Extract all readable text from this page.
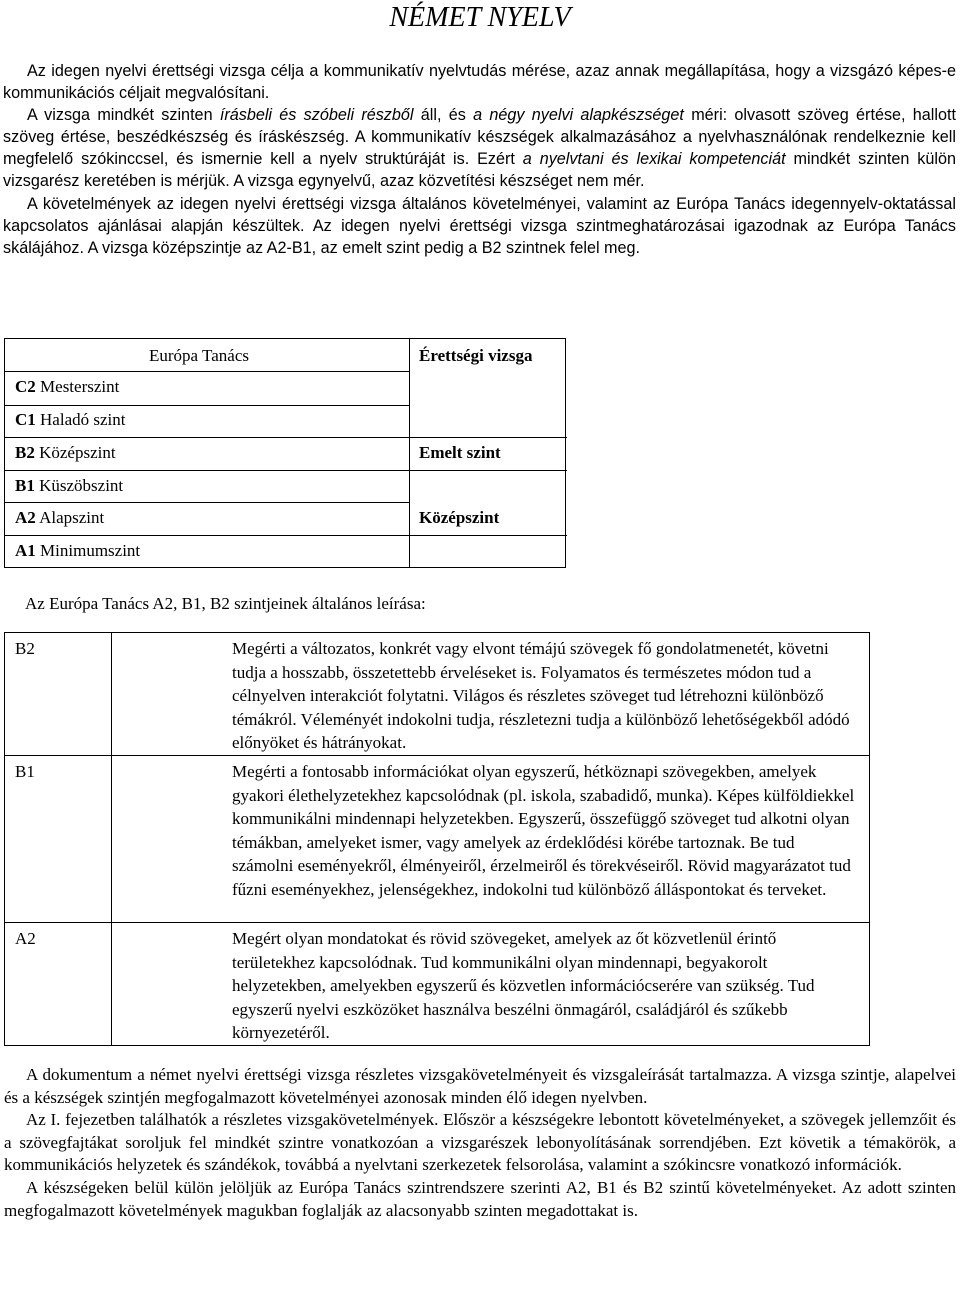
NÉMET NYELV

Az idegen nyelvi érettségi vizsga célja a kommunikatív nyelvtudás mérése, azaz annak megállapítása, hogy a vizsgázó képes-e kommunikációs céljait megvalósítani.

A vizsga mindkét szinten írásbeli és szóbeli részből áll, és a négy nyelvi alapkészséget méri: olvasott szöveg értése, hallott szöveg értése, beszédkészség és íráskészség. A kommunikatív készségek alkalmazásához a nyelvhasználónak rendelkeznie kell megfelelő szókinccsel, és ismernie kell a nyelv struktúráját is. Ezért a nyelvtani és lexikai kompetenciát mindkét szinten külön vizsgarész keretében is mérjük. A vizsga egynyelvű, azaz közvetítési készséget nem mér.

A követelmények az idegen nyelvi érettségi vizsga általános követelményei, valamint az Európa Tanács idegennyelv-oktatással kapcsolatos ajánlásai alapján készültek. Az idegen nyelvi érettségi vizsga szintmeghatározásai igazodnak az Európa Tanács skálájához. A vizsga középszintje az A2-B1, az emelt szint pedig a B2 szintnek felel meg.

Európa Tanács	Érettségi vizsga
C2 Mesterszint
C1 Haladó szint
B2 Középszint	Emelt szint
B1 Küszöbszint
A2 Alapszint	Középszint
A1 Minimumszint
Az Európa Tanács A2, B1, B2 szintjeinek általános leírása:
B2	Megérti a változatos, konkrét vagy elvont témájú szövegek fő gondolatmenetét, követni tudja a hosszabb, összetettebb érveléseket is. Folyamatos és természetes módon tud a célnyelven interakciót folytatni. Világos és részletes szöveget tud létrehozni különböző témákról. Véleményét indokolni tudja, részletezni tudja a különböző lehetőségekből adódó előnyöket és hátrányokat.
B1	Megérti a fontosabb információkat olyan egyszerű, hétköznapi szövegekben, amelyek gyakori élethelyzetekhez kapcsolódnak (pl. iskola, szabadidő, munka). Képes külföldiekkel kommunikálni mindennapi helyzetekben. Egyszerű, összefüggő szöveget tud alkotni olyan témákban, amelyeket ismer, vagy amelyek az érdeklődési körébe tartoznak. Be tud számolni eseményekről, élményeiről, érzelmeiről és törekvéseiről. Rövid magyarázatot tud fűzni eseményekhez, jelenségekhez, indokolni tud különböző álláspontokat és terveket.
A2	Megért olyan mondatokat és rövid szövegeket, amelyek az őt közvetlenül érintő területekhez kapcsolódnak. Tud kommunikálni olyan mindennapi, begyakorolt helyzetekben, amelyekben egyszerű és közvetlen információcserére van szükség. Tud egyszerű nyelvi eszközöket használva beszélni önmagáról, családjáról és szűkebb környezetéről.

A dokumentum a német nyelvi érettségi vizsga részletes vizsgakövetelményeit és vizsgaleírását tartalmazza. A vizsga szintje, alapelvei és a készségek szintjén megfogalmazott követelményei azonosak minden élő idegen nyelvben.

Az I. fejezetben találhatók a részletes vizsgakövetelmények. Először a készségekre lebontott követelményeket, a szövegek jellemzőit és a szövegfajtákat soroljuk fel mindkét szintre vonatkozóan a vizsgarészek lebonyolításának sorrendjében. Ezt követik a témakörök, a kommunikációs helyzetek és szándékok, továbbá a nyelvtani szerkezetek felsorolása, valamint a szókincsre vonatkozó információk.

A készségeken belül külön jelöljük az Európa Tanács szintrendszere szerinti A2, B1 és B2 szintű követelményeket. Az adott szinten megfogalmazott követelmények magukban foglalják az alacsonyabb szinten megadottakat is.
